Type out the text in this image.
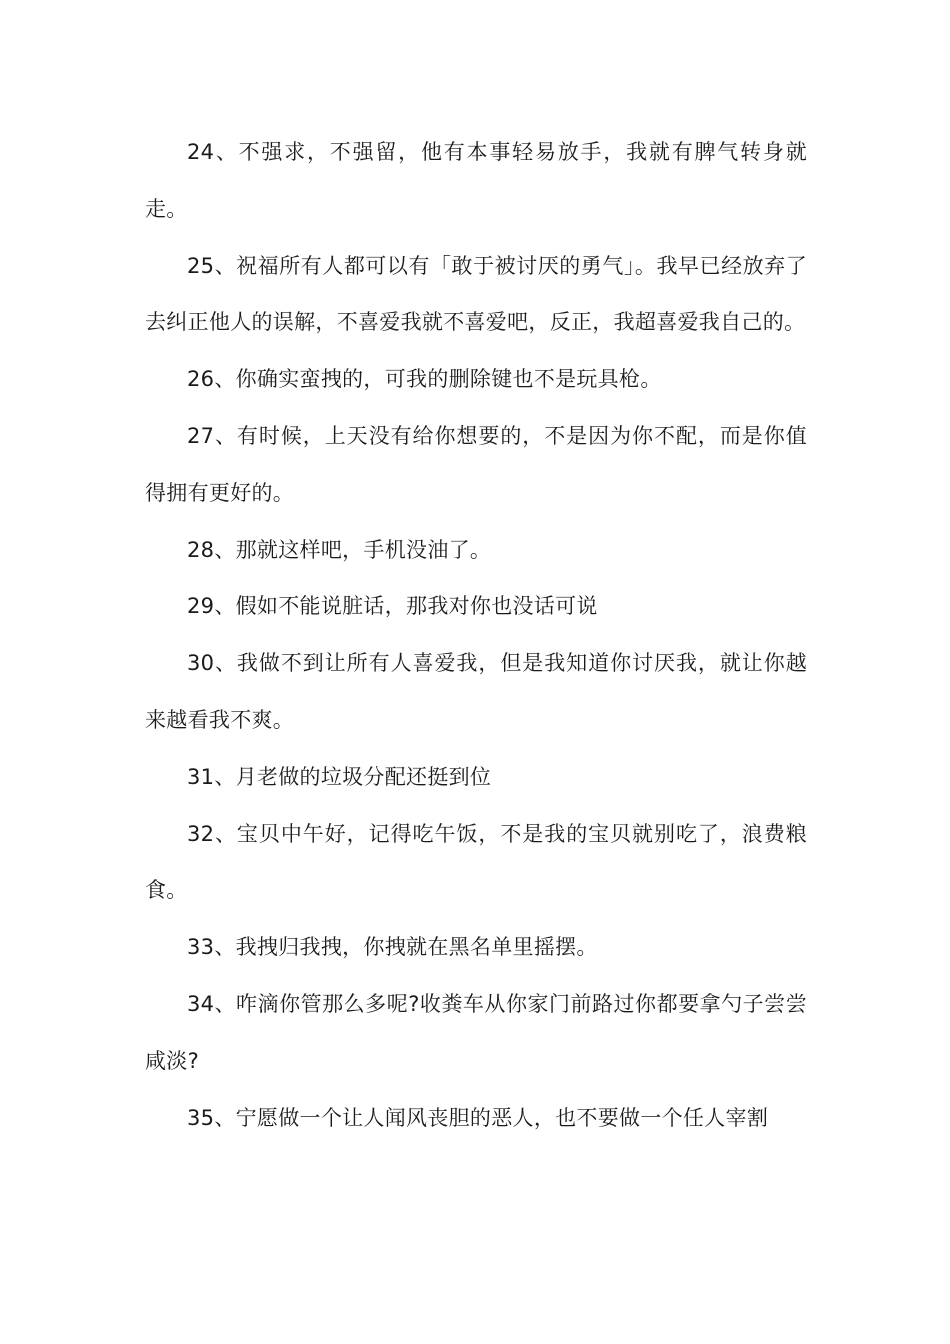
24、不强求，不强留，他有本事轻易放手，我就有脾气转身就走。

25、祝福所有人都可以有「敢于被讨厌的勇气」。我早已经放弃了去纠正他人的误解，不喜爱我就不喜爱吧，反正，我超喜爱我自己的。

26、你确实蛮拽的，可我的删除键也不是玩具枪。

27、有时候，上天没有给你想要的，不是因为你不配，而是你值得拥有更好的。

28、那就这样吧，手机没油了。

29、假如不能说脏话，那我对你也没话可说

30、我做不到让所有人喜爱我，但是我知道你讨厌我，就让你越来越看我不爽。

31、月老做的垃圾分配还挺到位

32、宝贝中午好，记得吃午饭，不是我的宝贝就别吃了，浪费粮食。

33、我拽归我拽，你拽就在黑名单里摇摆。

34、咋滴你管那么多呢?收粪车从你家门前路过你都要拿勺子尝尝咸淡?

35、宁愿做一个让人闻风丧胆的恶人，也不要做一个任人宰割
